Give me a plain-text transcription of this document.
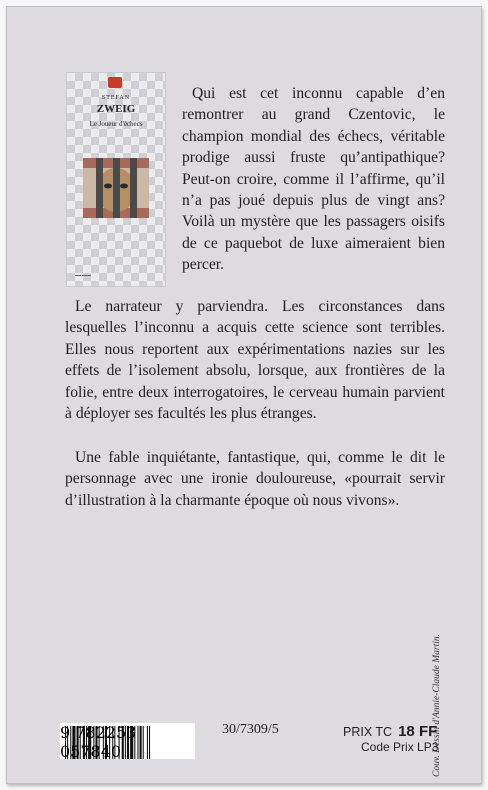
STEFAN
ZWEIG
Le Joueur d'échecs
▬▬ ▬▬▬

Qui est cet inconnu capable d’en remontrer au grand Czentovic, le champion mondial des échecs, véritable prodige aussi fruste qu’antipathique? Peut-on croire, comme il l’affirme, qu’il n’a pas joué depuis plus de vingt ans? Voilà un mystère que les passagers oisifs de ce paquebot de luxe aimeraient bien percer.

Le narrateur y parviendra. Les circonstances dans lesquelles l’inconnu a acquis cette science sont terribles. Elles nous reportent aux expérimentations nazies sur les effets de l’isolement absolu, lorsque, aux frontières de la folie, entre deux interrogatoires, le cerveau humain parvient à déployer ses facultés les plus étranges.

Une fable inquiétante, fantastique, qui, comme le dit le personnage avec une ironie douloureuse, «pourrait servir d’illustration à la charmante époque où nous vivons».

Couv. Dessin d'Annie-Claude Martin.
9 782253 057840
30/7309/5	PRIX TC 18 FF
Code Prix LP3
